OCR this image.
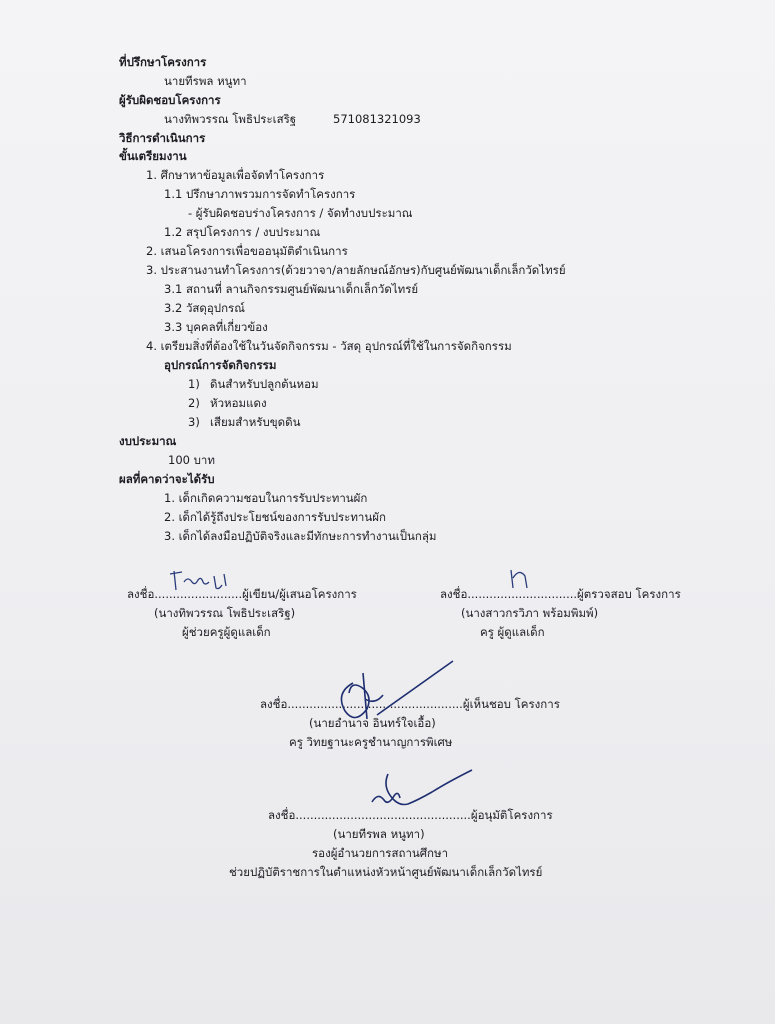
ที่ปรึกษาโครงการ
นายทีรพล หนูทา
ผู้รับผิดชอบโครงการ
นางทิพวรรณ โพธิประเสริฐ	571081321093
วิธีการดำเนินการ
ขั้นเตรียมงาน
1. ศึกษาหาข้อมูลเพื่อจัดทำโครงการ
1.1 ปรึกษาภาพรวมการจัดทำโครงการ
- ผู้รับผิดชอบร่างโครงการ / จัดทำงบประมาณ
1.2 สรุปโครงการ / งบประมาณ
2. เสนอโครงการเพื่อขออนุมัติดำเนินการ
3. ประสานงานทำโครงการ(ด้วยวาจา/ลายลักษณ์อักษร)กับศูนย์พัฒนาเด็กเล็กวัดไทรย์
3.1 สถานที่ ลานกิจกรรมศูนย์พัฒนาเด็กเล็กวัดไทรย์
3.2 วัสดุอุปกรณ์
3.3 บุคคลที่เกี่ยวข้อง
4. เตรียมสิ่งที่ต้องใช้ในวันจัดกิจกรรม - วัสดุ อุปกรณ์ที่ใช้ในการจัดกิจกรรม
อุปกรณ์การจัดกิจกรรม
1) ดินสำหรับปลูกต้นหอม
2) หัวหอมแดง
3) เสียมสำหรับขุดดิน
งบประมาณ
100 บาท
ผลที่คาดว่าจะได้รับ
1. เด็กเกิดความชอบในการรับประทานผัก
2. เด็กได้รู้ถึงประโยชน์ของการรับประทานผัก
3. เด็กได้ลงมือปฏิบัติจริงและมีทักษะการทำงานเป็นกลุ่ม
ลงชื่อ........................ผู้เขียน/ผู้เสนอโครงการ
(นางทิพวรรณ โพธิประเสริฐ)
ผู้ช่วยครูผู้ดูแลเด็ก
ลงชื่อ..............................ผู้ตรวจสอบ โครงการ
(นางสาวกรวิภา พร้อมพิมพ์)
ครู ผู้ดูแลเด็ก
ลงชื่อ................................................ผู้เห็นชอบ โครงการ
(นายอำนาจ อินทร์ใจเอื้อ)
ครู วิทยฐานะครูชำนาญการพิเศษ
ลงชื่อ................................................ผู้อนุมัติโครงการ
(นายทีรพล หนูทา)
รองผู้อำนวยการสถานศึกษา
ช่วยปฏิบัติราชการในตำแหน่งหัวหน้าศูนย์พัฒนาเด็กเล็กวัดไทรย์
